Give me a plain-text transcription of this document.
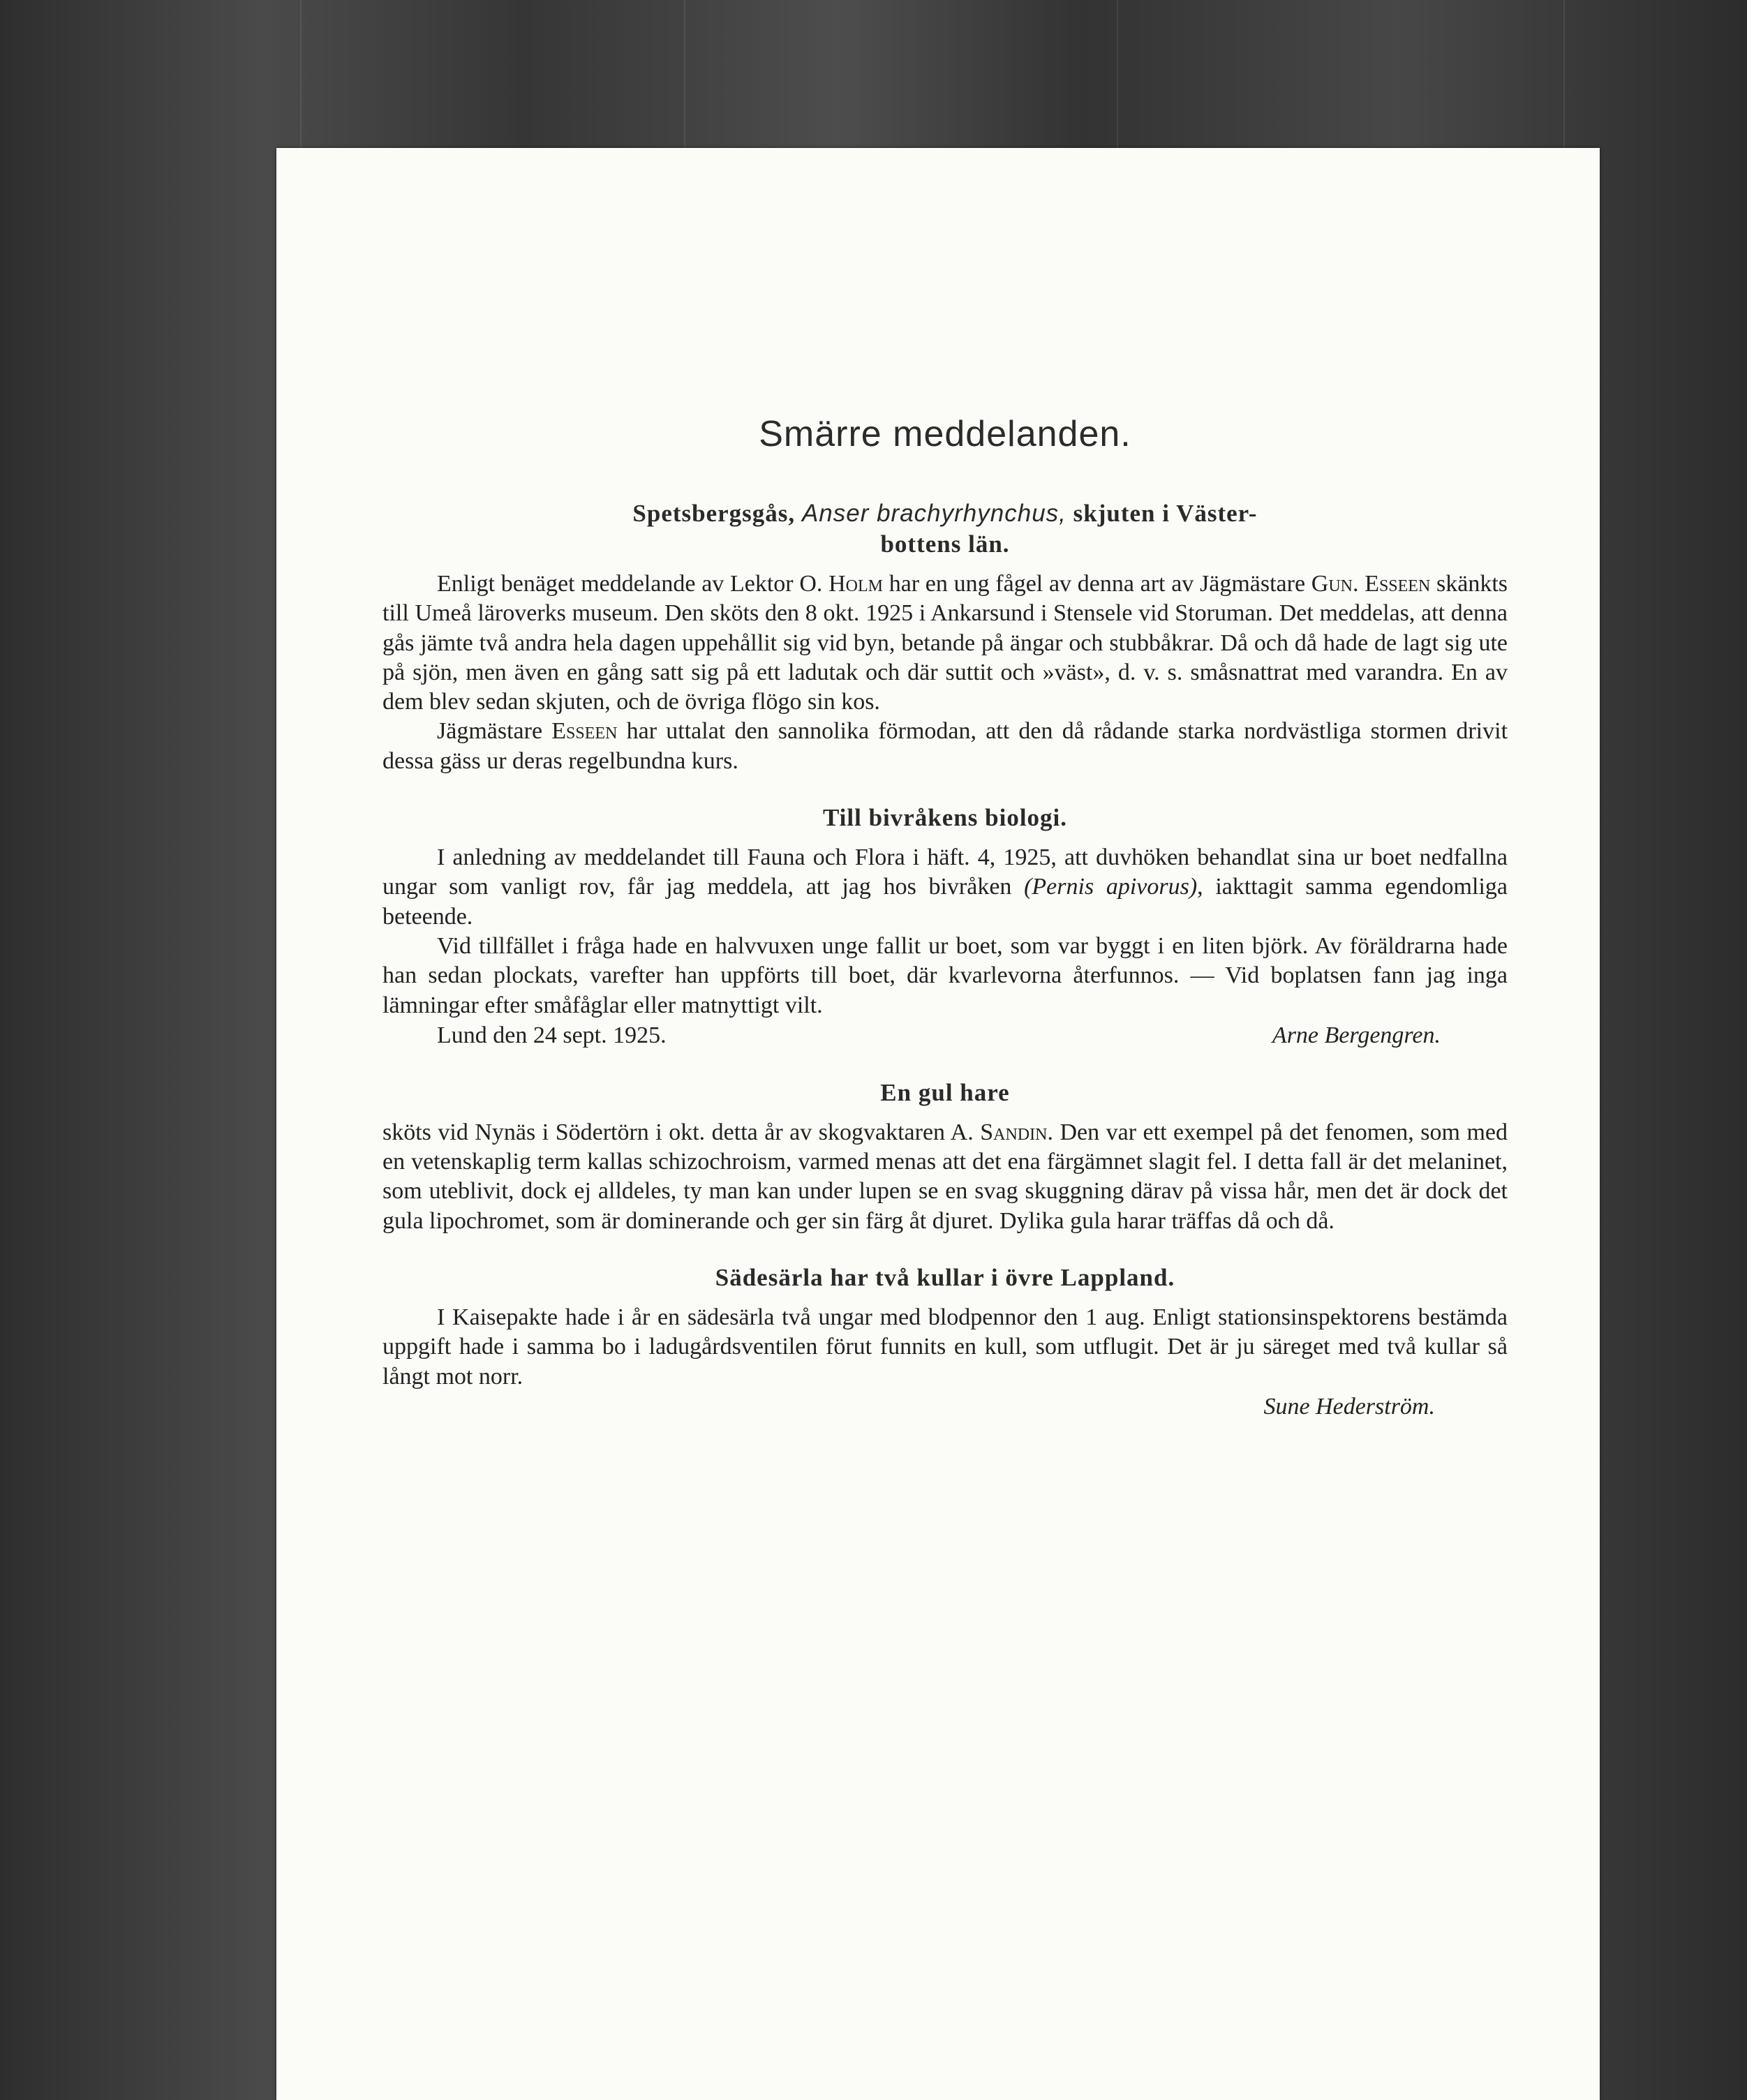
Smärre meddelanden.
Spetsbergsgås, Anser brachyrhynchus, skjuten i Väster-
bottens län.

Enligt benäget meddelande av Lektor O. Holm har en ung fågel av denna art av Jägmästare Gun. Esseen skänkts till Umeå läroverks museum. Den sköts den 8 okt. 1925 i Ankarsund i Stensele vid Storuman. Det meddelas, att denna gås jämte två andra hela dagen uppehållit sig vid byn, betande på ängar och stubbåkrar. Då och då hade de lagt sig ute på sjön, men även en gång satt sig på ett ladutak och där suttit och »väst», d. v. s. småsnattrat med varandra. En av dem blev sedan skjuten, och de övriga flögo sin kos.

Jägmästare Esseen har uttalat den sannolika förmodan, att den då rådande starka nordvästliga stormen drivit dessa gäss ur deras regelbundna kurs.

Till bivråkens biologi.

I anledning av meddelandet till Fauna och Flora i häft. 4, 1925, att duvhöken behandlat sina ur boet nedfallna ungar som vanligt rov, får jag meddela, att jag hos bivråken (Pernis apivorus), iakttagit samma egendomliga beteende.

Vid tillfället i fråga hade en halvvuxen unge fallit ur boet, som var byggt i en liten björk. Av föräldrarna hade han sedan plockats, varefter han uppförts till boet, där kvarlevorna återfunnos. — Vid boplatsen fann jag inga lämningar efter småfåglar eller matnyttigt vilt.

Lund den 24 sept. 1925.	Arne Bergengren.
En gul hare

sköts vid Nynäs i Södertörn i okt. detta år av skogvaktaren A. Sandin. Den var ett exempel på det fenomen, som med en vetenskaplig term kallas schizochroism, varmed menas att det ena färgämnet slagit fel. I detta fall är det melaninet, som uteblivit, dock ej alldeles, ty man kan under lupen se en svag skuggning därav på vissa hår, men det är dock det gula lipochromet, som är dominerande och ger sin färg åt djuret. Dylika gula harar träffas då och då.

Sädesärla har två kullar i övre Lappland.

I Kaisepakte hade i år en sädesärla två ungar med blodpennor den 1 aug. Enligt stationsinspektorens bestämda uppgift hade i samma bo i ladugårdsventilen förut funnits en kull, som utflugit. Det är ju säreget med två kullar så långt mot norr.

Sune Hederström.
